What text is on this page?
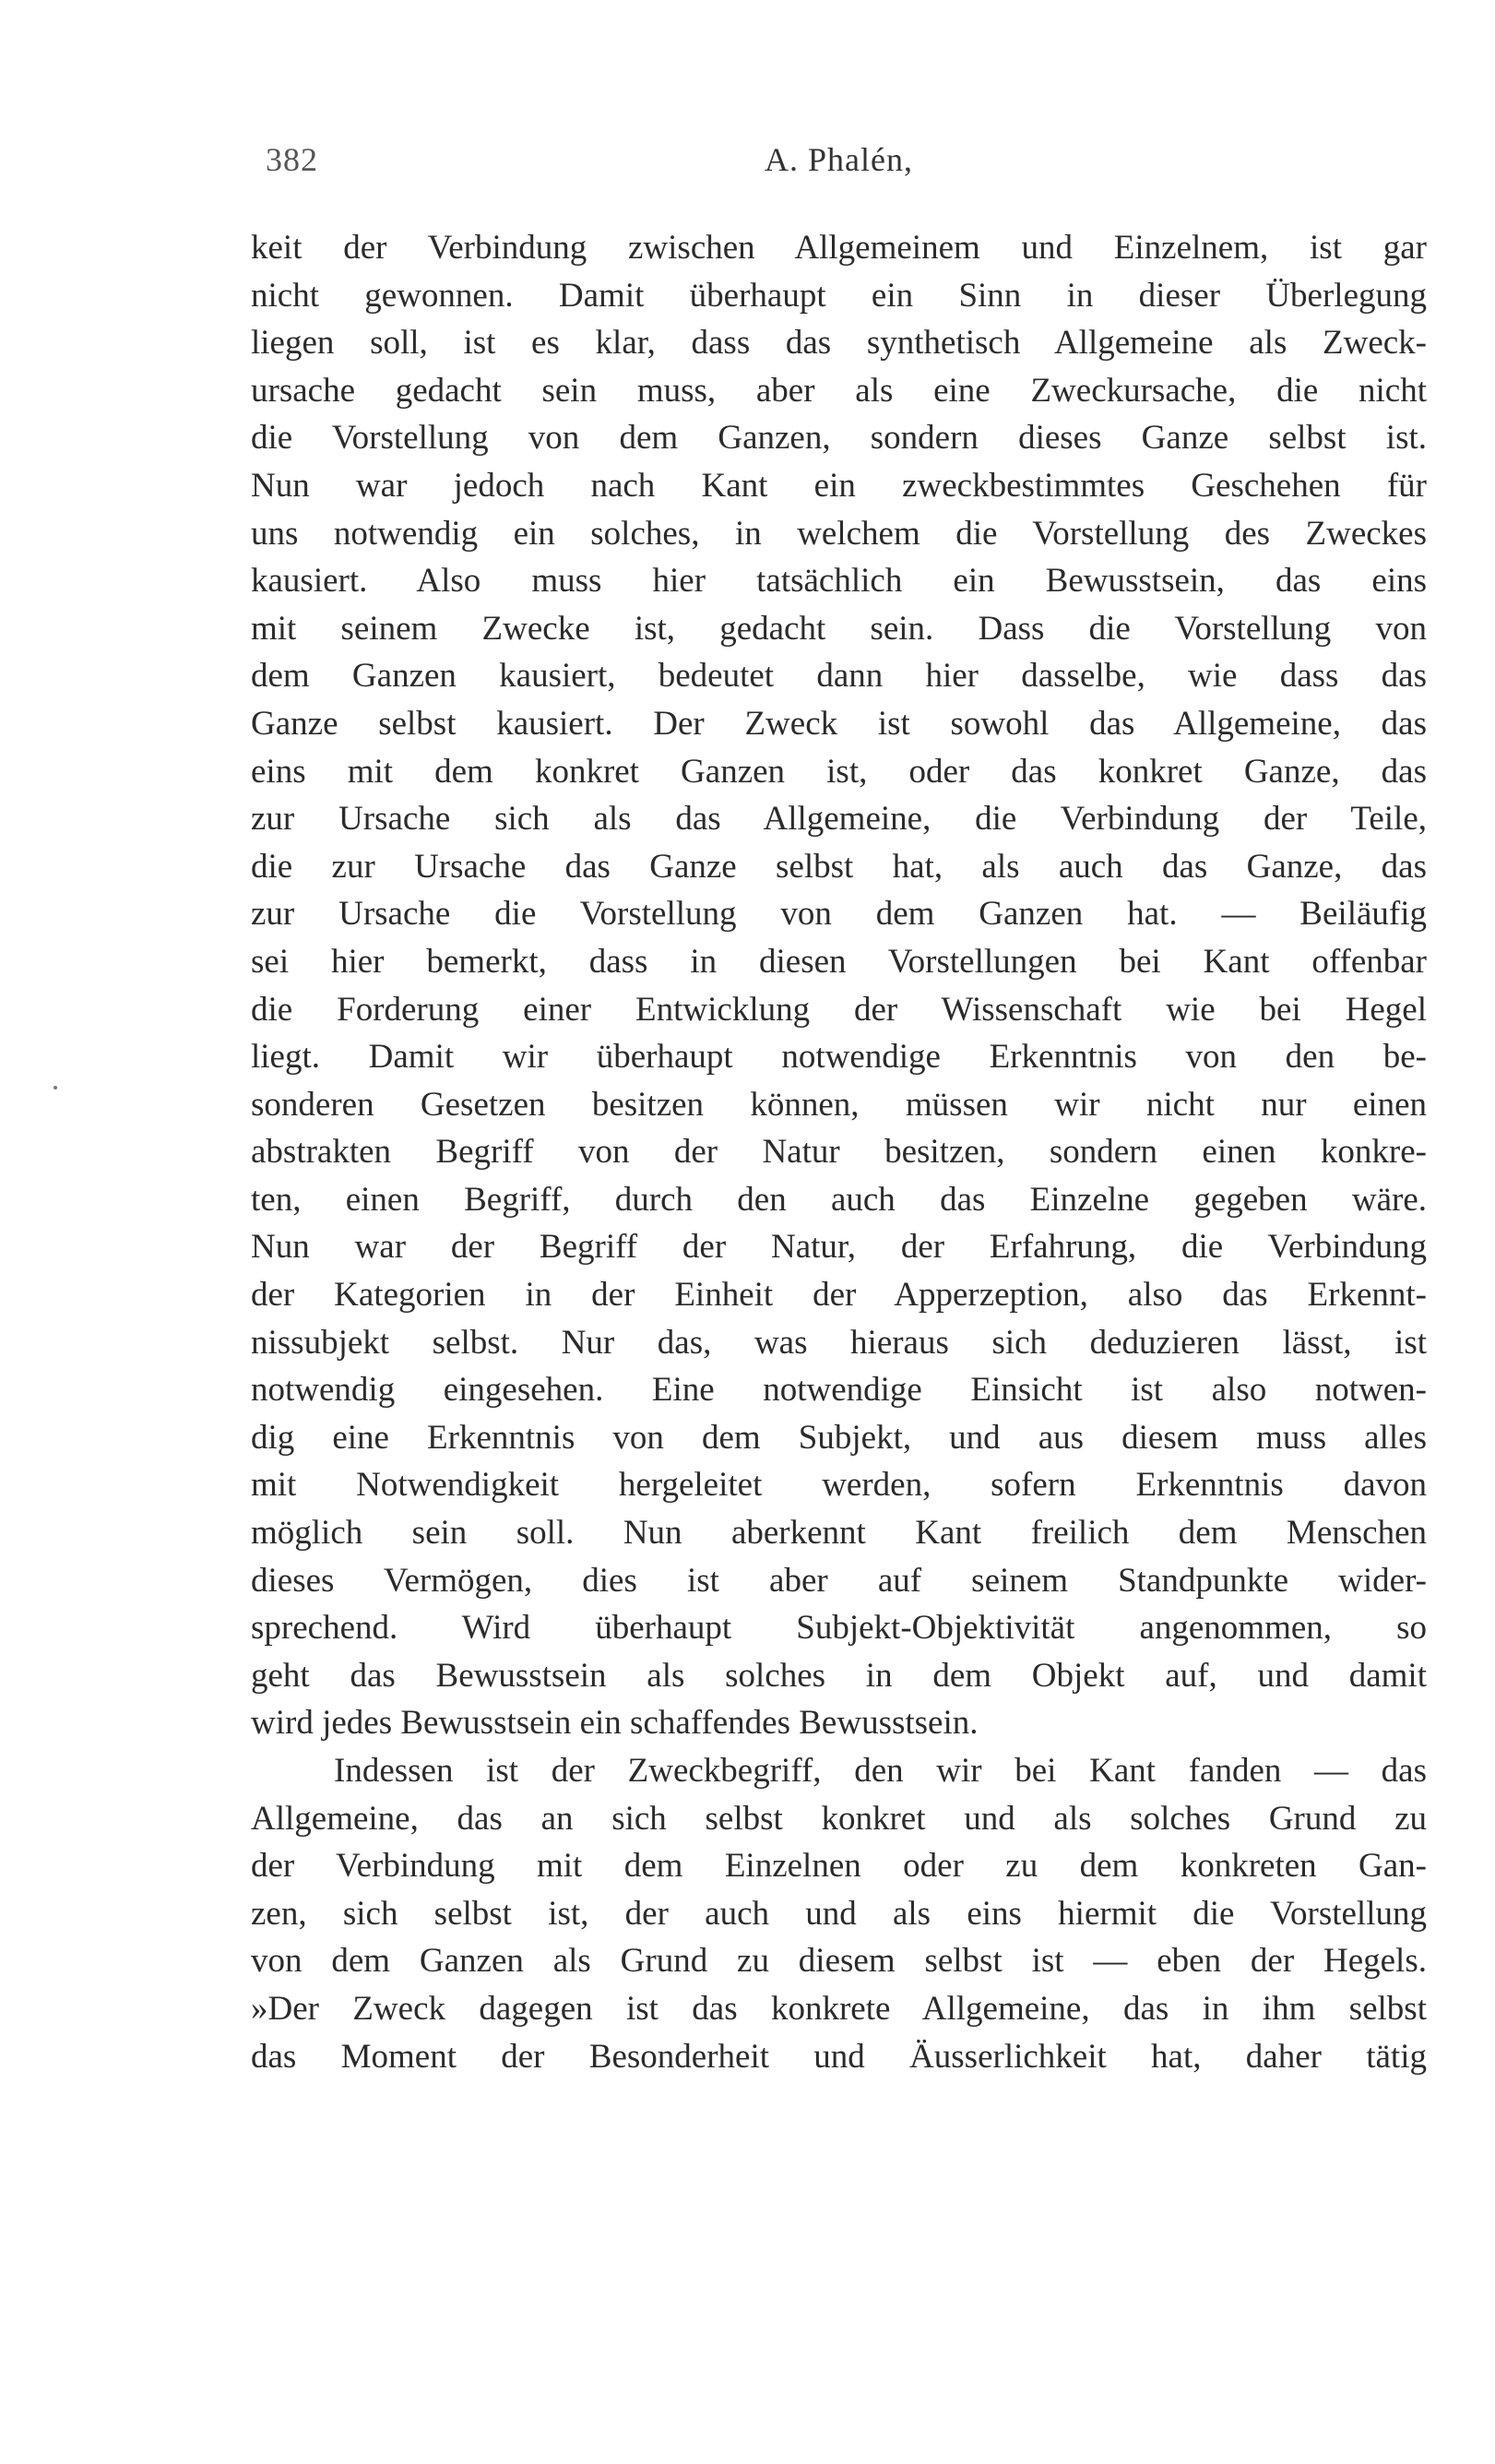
382	A. Phalén,
keit der Verbindung zwischen Allgemeinem und Einzelnem, ist gar
nicht gewonnen. Damit überhaupt ein Sinn in dieser Überlegung
liegen soll, ist es klar, dass das synthetisch Allgemeine als Zweck-
ursache gedacht sein muss, aber als eine Zweckursache, die nicht
die Vorstellung von dem Ganzen, sondern dieses Ganze selbst ist.
Nun war jedoch nach Kant ein zweckbestimmtes Geschehen für
uns notwendig ein solches, in welchem die Vorstellung des Zweckes
kausiert. Also muss hier tatsächlich ein Bewusstsein, das eins
mit seinem Zwecke ist, gedacht sein. Dass die Vorstellung von
dem Ganzen kausiert, bedeutet dann hier dasselbe, wie dass das
Ganze selbst kausiert. Der Zweck ist sowohl das Allgemeine, das
eins mit dem konkret Ganzen ist, oder das konkret Ganze, das
zur Ursache sich als das Allgemeine, die Verbindung der Teile,
die zur Ursache das Ganze selbst hat, als auch das Ganze, das
zur Ursache die Vorstellung von dem Ganzen hat. — Beiläufig
sei hier bemerkt, dass in diesen Vorstellungen bei Kant offenbar
die Forderung einer Entwicklung der Wissenschaft wie bei Hegel
liegt. Damit wir überhaupt notwendige Erkenntnis von den be-
sonderen Gesetzen besitzen können, müssen wir nicht nur einen
abstrakten Begriff von der Natur besitzen, sondern einen konkre-
ten, einen Begriff, durch den auch das Einzelne gegeben wäre.
Nun war der Begriff der Natur, der Erfahrung, die Verbindung
der Kategorien in der Einheit der Apperzeption, also das Erkennt-
nissubjekt selbst. Nur das, was hieraus sich deduzieren lässt, ist
notwendig eingesehen. Eine notwendige Einsicht ist also notwen-
dig eine Erkenntnis von dem Subjekt, und aus diesem muss alles
mit Notwendigkeit hergeleitet werden, sofern Erkenntnis davon
möglich sein soll. Nun aberkennt Kant freilich dem Menschen
dieses Vermögen, dies ist aber auf seinem Standpunkte wider-
sprechend. Wird überhaupt Subjekt-Objektivität angenommen, so
geht das Bewusstsein als solches in dem Objekt auf, und damit
wird jedes Bewusstsein ein schaffendes Bewusstsein.
Indessen ist der Zweckbegriff, den wir bei Kant fanden — das
Allgemeine, das an sich selbst konkret und als solches Grund zu
der Verbindung mit dem Einzelnen oder zu dem konkreten Gan-
zen, sich selbst ist, der auch und als eins hiermit die Vorstellung
von dem Ganzen als Grund zu diesem selbst ist — eben der Hegels.
»Der Zweck dagegen ist das konkrete Allgemeine, das in ihm selbst
das Moment der Besonderheit und Äusserlichkeit hat, daher tätig
